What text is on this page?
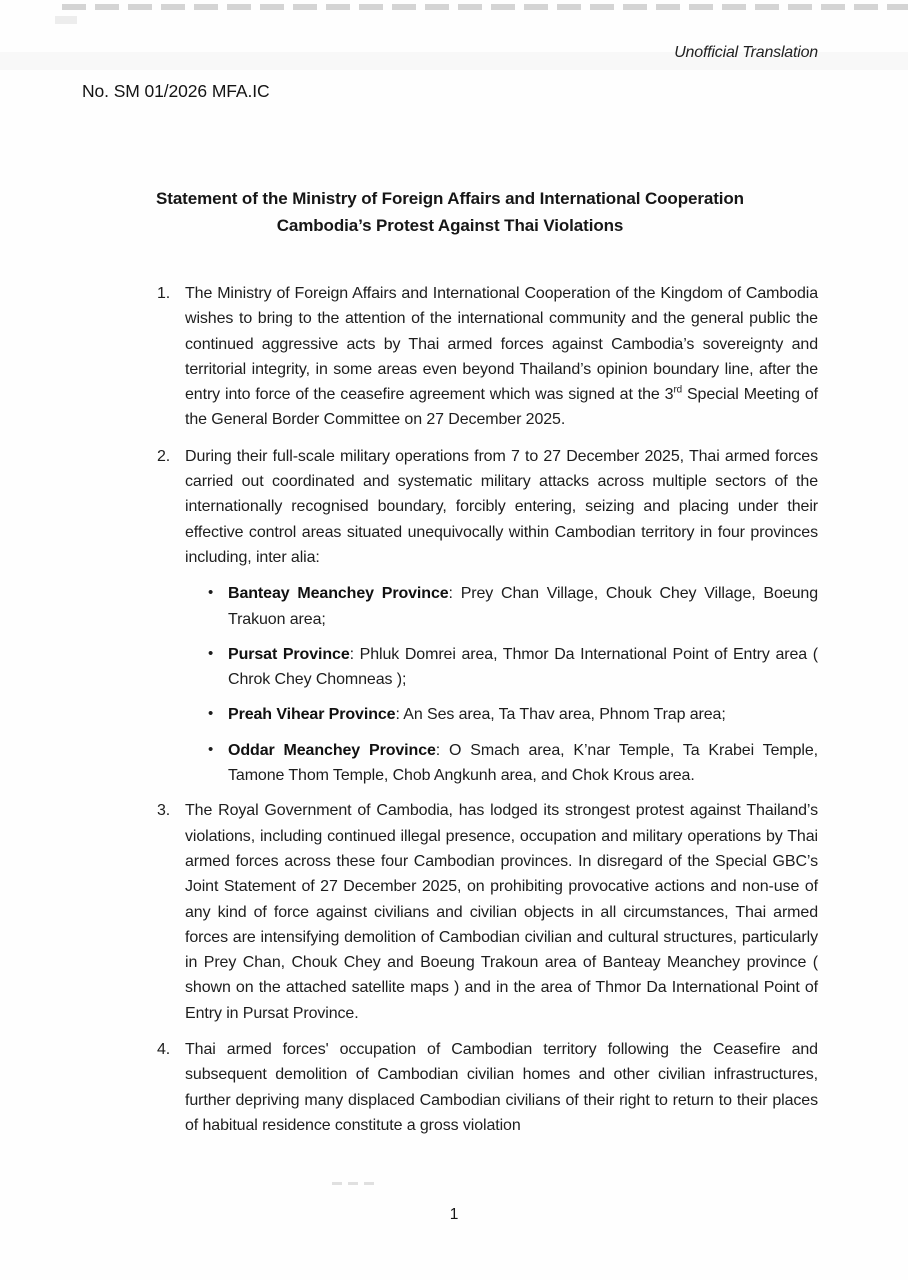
Unofficial Translation
No. SM 01/2026 MFA.IC
Statement of the Ministry of Foreign Affairs and International Cooperation
Cambodia’s Protest Against Thai Violations
1. The Ministry of Foreign Affairs and International Cooperation of the Kingdom of Cambodia wishes to bring to the attention of the international community and the general public the continued aggressive acts by Thai armed forces against Cambodia’s sovereignty and territorial integrity, in some areas even beyond Thailand’s opinion boundary line, after the entry into force of the ceasefire agreement which was signed at the 3rd Special Meeting of the General Border Committee on 27 December 2025.
2. During their full-scale military operations from 7 to 27 December 2025, Thai armed forces carried out coordinated and systematic military attacks across multiple sectors of the internationally recognised boundary, forcibly entering, seizing and placing under their effective control areas situated unequivocally within Cambodian territory in four provinces including, inter alia:
• Banteay Meanchey Province: Prey Chan Village, Chouk Chey Village, Boeung Trakuon area;
• Pursat Province: Phluk Domrei area, Thmor Da International Point of Entry area ( Chrok Chey Chomneas );
• Preah Vihear Province: An Ses area, Ta Thav area, Phnom Trap area;
• Oddar Meanchey Province: O Smach area, K’nar Temple, Ta Krabei Temple, Tamone Thom Temple, Chob Angkunh area, and Chok Krous area.
3. The Royal Government of Cambodia, has lodged its strongest protest against Thailand’s violations, including continued illegal presence, occupation and military operations by Thai armed forces across these four Cambodian provinces. In disregard of the Special GBC’s Joint Statement of 27 December 2025, on prohibiting provocative actions and non-use of any kind of force against civilians and civilian objects in all circumstances, Thai armed forces are intensifying demolition of Cambodian civilian and cultural structures, particularly in Prey Chan, Chouk Chey and Boeung Trakoun area of Banteay Meanchey province ( shown on the attached satellite maps ) and in the area of Thmor Da International Point of Entry in Pursat Province.
4. Thai armed forces' occupation of Cambodian territory following the Ceasefire and subsequent demolition of Cambodian civilian homes and other civilian infrastructures, further depriving many displaced Cambodian civilians of their right to return to their places of habitual residence constitute a gross violation
1
